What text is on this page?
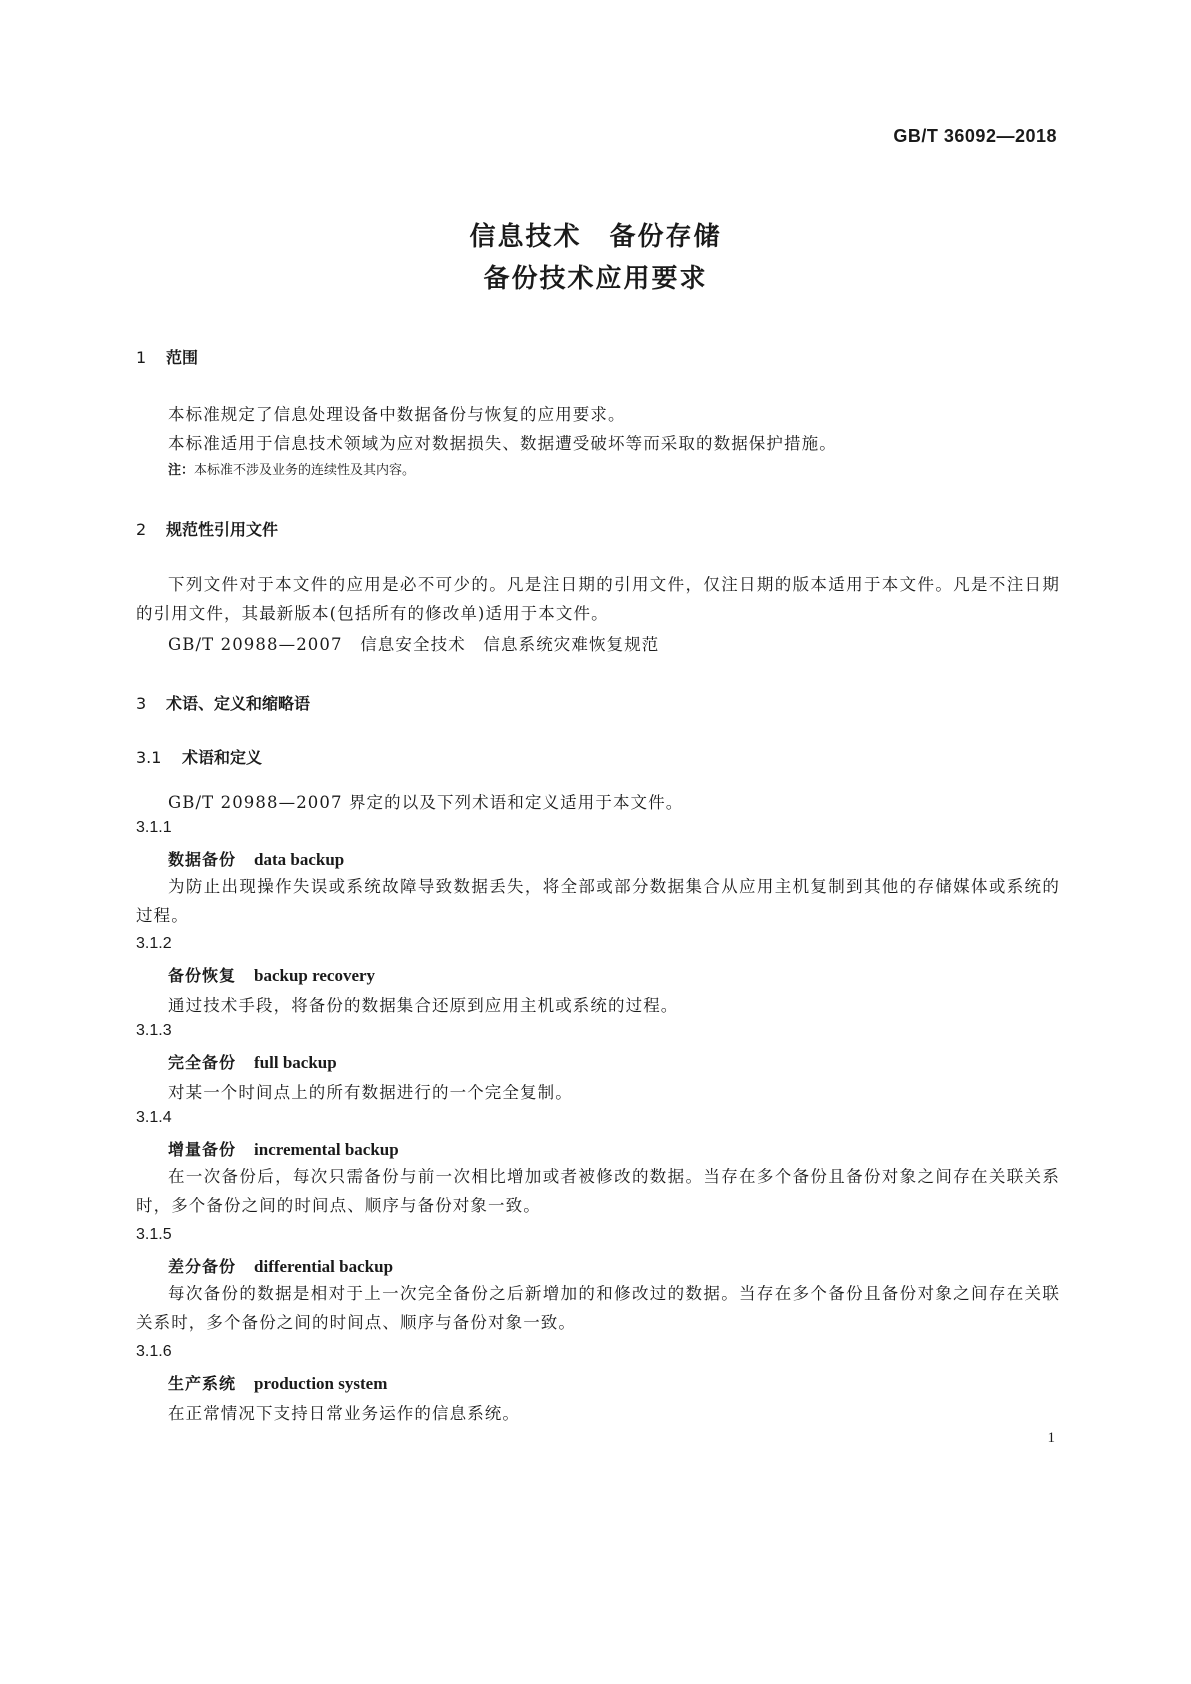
GB/T 36092—2018
信息技术　备份存储
备份技术应用要求
1 范围
本标准规定了信息处理设备中数据备份与恢复的应用要求。
本标准适用于信息技术领域为应对数据损失、数据遭受破坏等而采取的数据保护措施。
注：本标准不涉及业务的连续性及其内容。
2 规范性引用文件
下列文件对于本文件的应用是必不可少的。凡是注日期的引用文件，仅注日期的版本适用于本文件。凡是不注日期的引用文件，其最新版本(包括所有的修改单)适用于本文件。
GB/T 20988—2007　信息安全技术　信息系统灾难恢复规范
3 术语、定义和缩略语
3.1 术语和定义
GB/T 20988—2007 界定的以及下列术语和定义适用于本文件。
3.1.1
数据备份 data backup
为防止出现操作失误或系统故障导致数据丢失，将全部或部分数据集合从应用主机复制到其他的存储媒体或系统的过程。
3.1.2
备份恢复 backup recovery
通过技术手段，将备份的数据集合还原到应用主机或系统的过程。
3.1.3
完全备份 full backup
对某一个时间点上的所有数据进行的一个完全复制。
3.1.4
增量备份 incremental backup
在一次备份后，每次只需备份与前一次相比增加或者被修改的数据。当存在多个备份且备份对象之间存在关联关系时，多个备份之间的时间点、顺序与备份对象一致。
3.1.5
差分备份 differential backup
每次备份的数据是相对于上一次完全备份之后新增加的和修改过的数据。当存在多个备份且备份对象之间存在关联关系时，多个备份之间的时间点、顺序与备份对象一致。
3.1.6
生产系统 production system
在正常情况下支持日常业务运作的信息系统。
1
